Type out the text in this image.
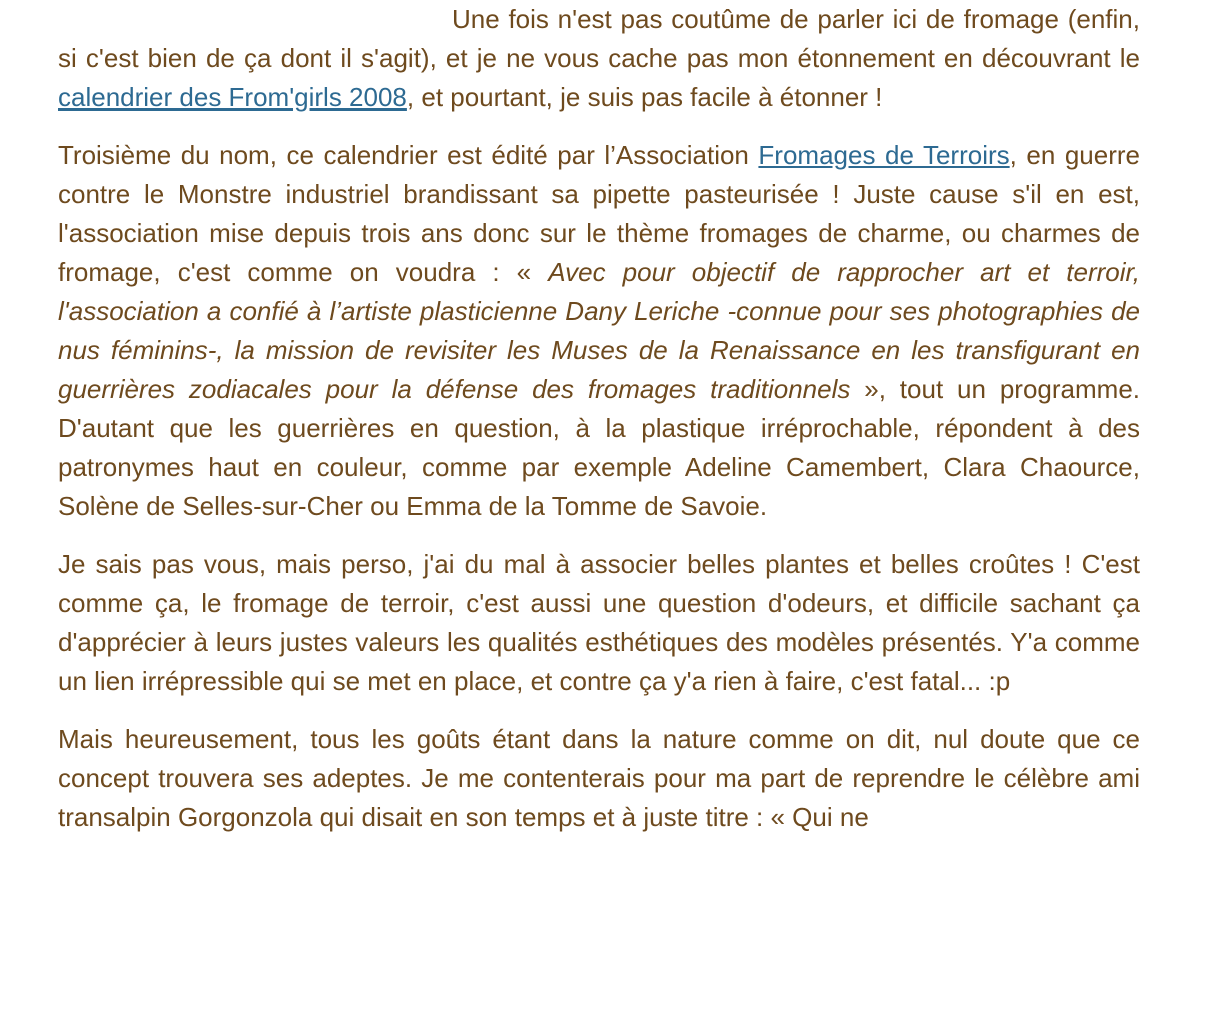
Une fois n'est pas coutûme de parler ici de fromage (enfin, si c'est bien de ça dont il s'agit), et je ne vous cache pas mon étonnement en découvrant le calendrier des From'girls 2008, et pourtant, je suis pas facile à étonner !

Troisième du nom, ce calendrier est édité par l’Association Fromages de Terroirs, en guerre contre le Monstre industriel brandissant sa pipette pasteurisée ! Juste cause s'il en est, l'association mise depuis trois ans donc sur le thème fromages de charme, ou charmes de fromage, c'est comme on voudra : « Avec pour objectif de rapprocher art et terroir, l'association a confié à l’artiste plasticienne Dany Leriche -connue pour ses photographies de nus féminins-, la mission de revisiter les Muses de la Renaissance en les transfigurant en guerrières zodiacales pour la défense des fromages traditionnels », tout un programme. D'autant que les guerrières en question, à la plastique irréprochable, répondent à des patronymes haut en couleur, comme par exemple Adeline Camembert, Clara Chaource, Solène de Selles-sur-Cher ou Emma de la Tomme de Savoie.

Je sais pas vous, mais perso, j'ai du mal à associer belles plantes et belles croûtes ! C'est comme ça, le fromage de terroir, c'est aussi une question d'odeurs, et difficile sachant ça d'apprécier à leurs justes valeurs les qualités esthétiques des modèles présentés. Y'a comme un lien irrépressible qui se met en place, et contre ça y'a rien à faire, c'est fatal... :p

Mais heureusement, tous les goûts étant dans la nature comme on dit, nul doute que ce concept trouvera ses adeptes. Je me contenterais pour ma part de reprendre le célèbre ami transalpin Gorgonzola qui disait en son temps et à juste titre : « Qui ne
